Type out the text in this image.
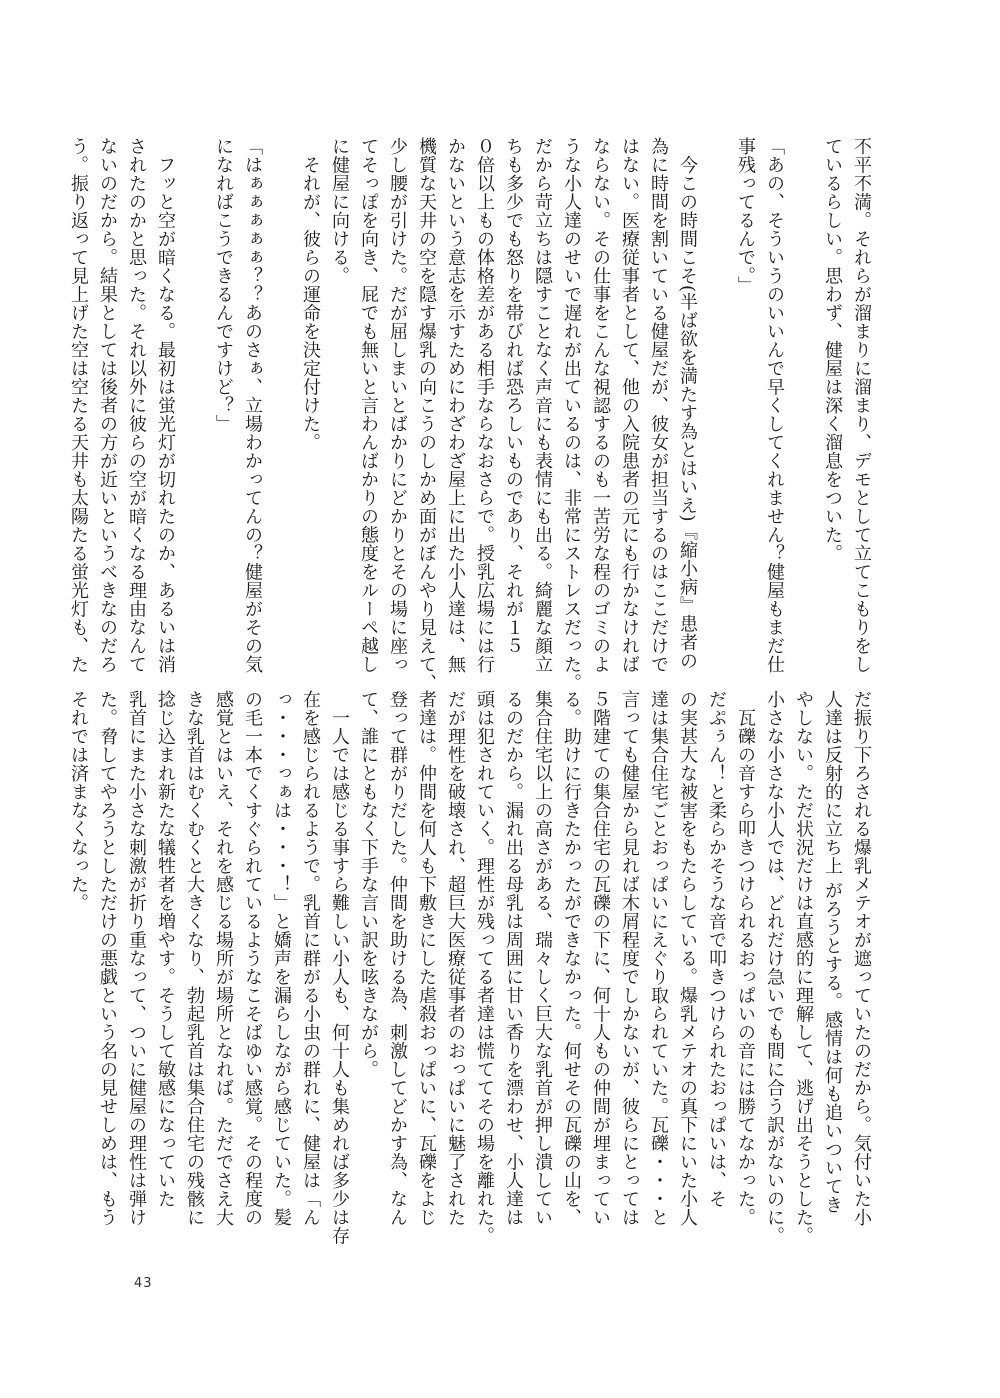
不平不満。それらが溜まりに溜まり、デモとして立てこもりをし
ているらしい。思わず、健屋は深く溜息をついた。

「あの、そういうのいいんで早くしてくれません？健屋もまだ仕
事残ってるんで。」

　今この時間こそ(半ば欲を満たす為とはいえ)『縮小病』患者の
為に時間を割いている健屋だが、彼女が担当するのはここだけで
はない。医療従事者として、他の入院患者の元にも行かなければ
ならない。その仕事をこんな視認するのも一苦労な程のゴミのよ
うな小人達のせいで遅れが出ているのは、非常にストレスだった。
だから苛立ちは隠すことなく声音にも表情にも出る。綺麗な顔立
ちも多少でも怒りを帯びれば恐ろしいものであり、それが１５
０倍以上もの体格差がある相手ならなおさらで。授乳広場には行
かないという意志を示すためにわざわざ屋上に出た小人達は、無
機質な天井の空を隠す爆乳の向こうのしかめ面がぼんやり見えて、
少し腰が引けた。だが屈しまいとばかりにどかりとその場に座っ
てそっぽを向き、屁でも無いと言わんばかりの態度をルーペ越し
に健屋に向ける。
　それが、彼らの運命を決定付けた。

「はぁぁぁぁぁ？？あのさぁ、立場わかってんの？健屋がその気
になればこうできるんですけど？」

　フッと空が暗くなる。最初は蛍光灯が切れたのか、あるいは消
されたのかと思った。それ以外に彼らの空が暗くなる理由なんて
ないのだから。結果としては後者の方が近いというべきなのだろ
う。振り返って見上げた空は空たる天井も太陽たる蛍光灯も、た
だ振り下ろされる爆乳メテオが遮っていたのだから。気付いた小
人達は反射的に立ち上 がろうとする。感情は何も追いついてき
やしない。ただ状況だけは直感的に理解して、逃げ出そうとした。
小さな小さな小人では、どれだけ急いでも間に合う訳がないのに。
　瓦礫の音すら叩きつけられるおっぱいの音には勝てなかった。
だぷぅん！と柔らかそうな音で叩きつけられたおっぱいは、そ
の実甚大な被害をもたらしている。爆乳メテオの真下にいた小人
達は集合住宅ごとおっぱいにえぐり取られていた。瓦礫・・・と
言っても健屋から見れば木屑程度でしかないが、彼らにとっては
５階建ての集合住宅の瓦礫の下に、何十人もの仲間が埋まってい
る。助けに行きたかったができなかった。何せその瓦礫の山を、
集合住宅以上の高さがある、瑞々しく巨大な乳首が押し潰してい
るのだから。漏れ出る母乳は周囲に甘い香りを漂わせ、小人達は
頭は犯されていく。理性が残ってる者達は慌ててその場を離れた。
だが理性を破壊され、超巨大医療従事者のおっぱいに魅了された
者達は。仲間を何人も下敷きにした虐殺おっぱいに、瓦礫をよじ
登って群がりだした。仲間を助ける為、刺激してどかす為、なん
て、誰にともなく下手な言い訳を呟きながら。
　一人では感じる事すら難しい小人も、何十人も集めれば多少は存
在を感じられるようで。乳首に群がる小虫の群れに、健屋は「ん
っ・・・っぁは・・・！」と嬌声を漏らしながら感じていた。髪
の毛一本でくすぐられているようなこそばゆい感覚。その程度の
感覚とはいえ、それを感じる場所が場所となれば。ただでさえ大
きな乳首はむくむくと大きくなり、勃起乳首は集合住宅の残骸に
捻じ込まれ新たな犠牲者を増やす。そうして敏感になっていた
乳首にまた小さな刺激が折り重なって、ついに健屋の理性は弾け
た。脅してやろうとしただけの悪戯という名の見せしめは、もう
それでは済まなくなった。
43
